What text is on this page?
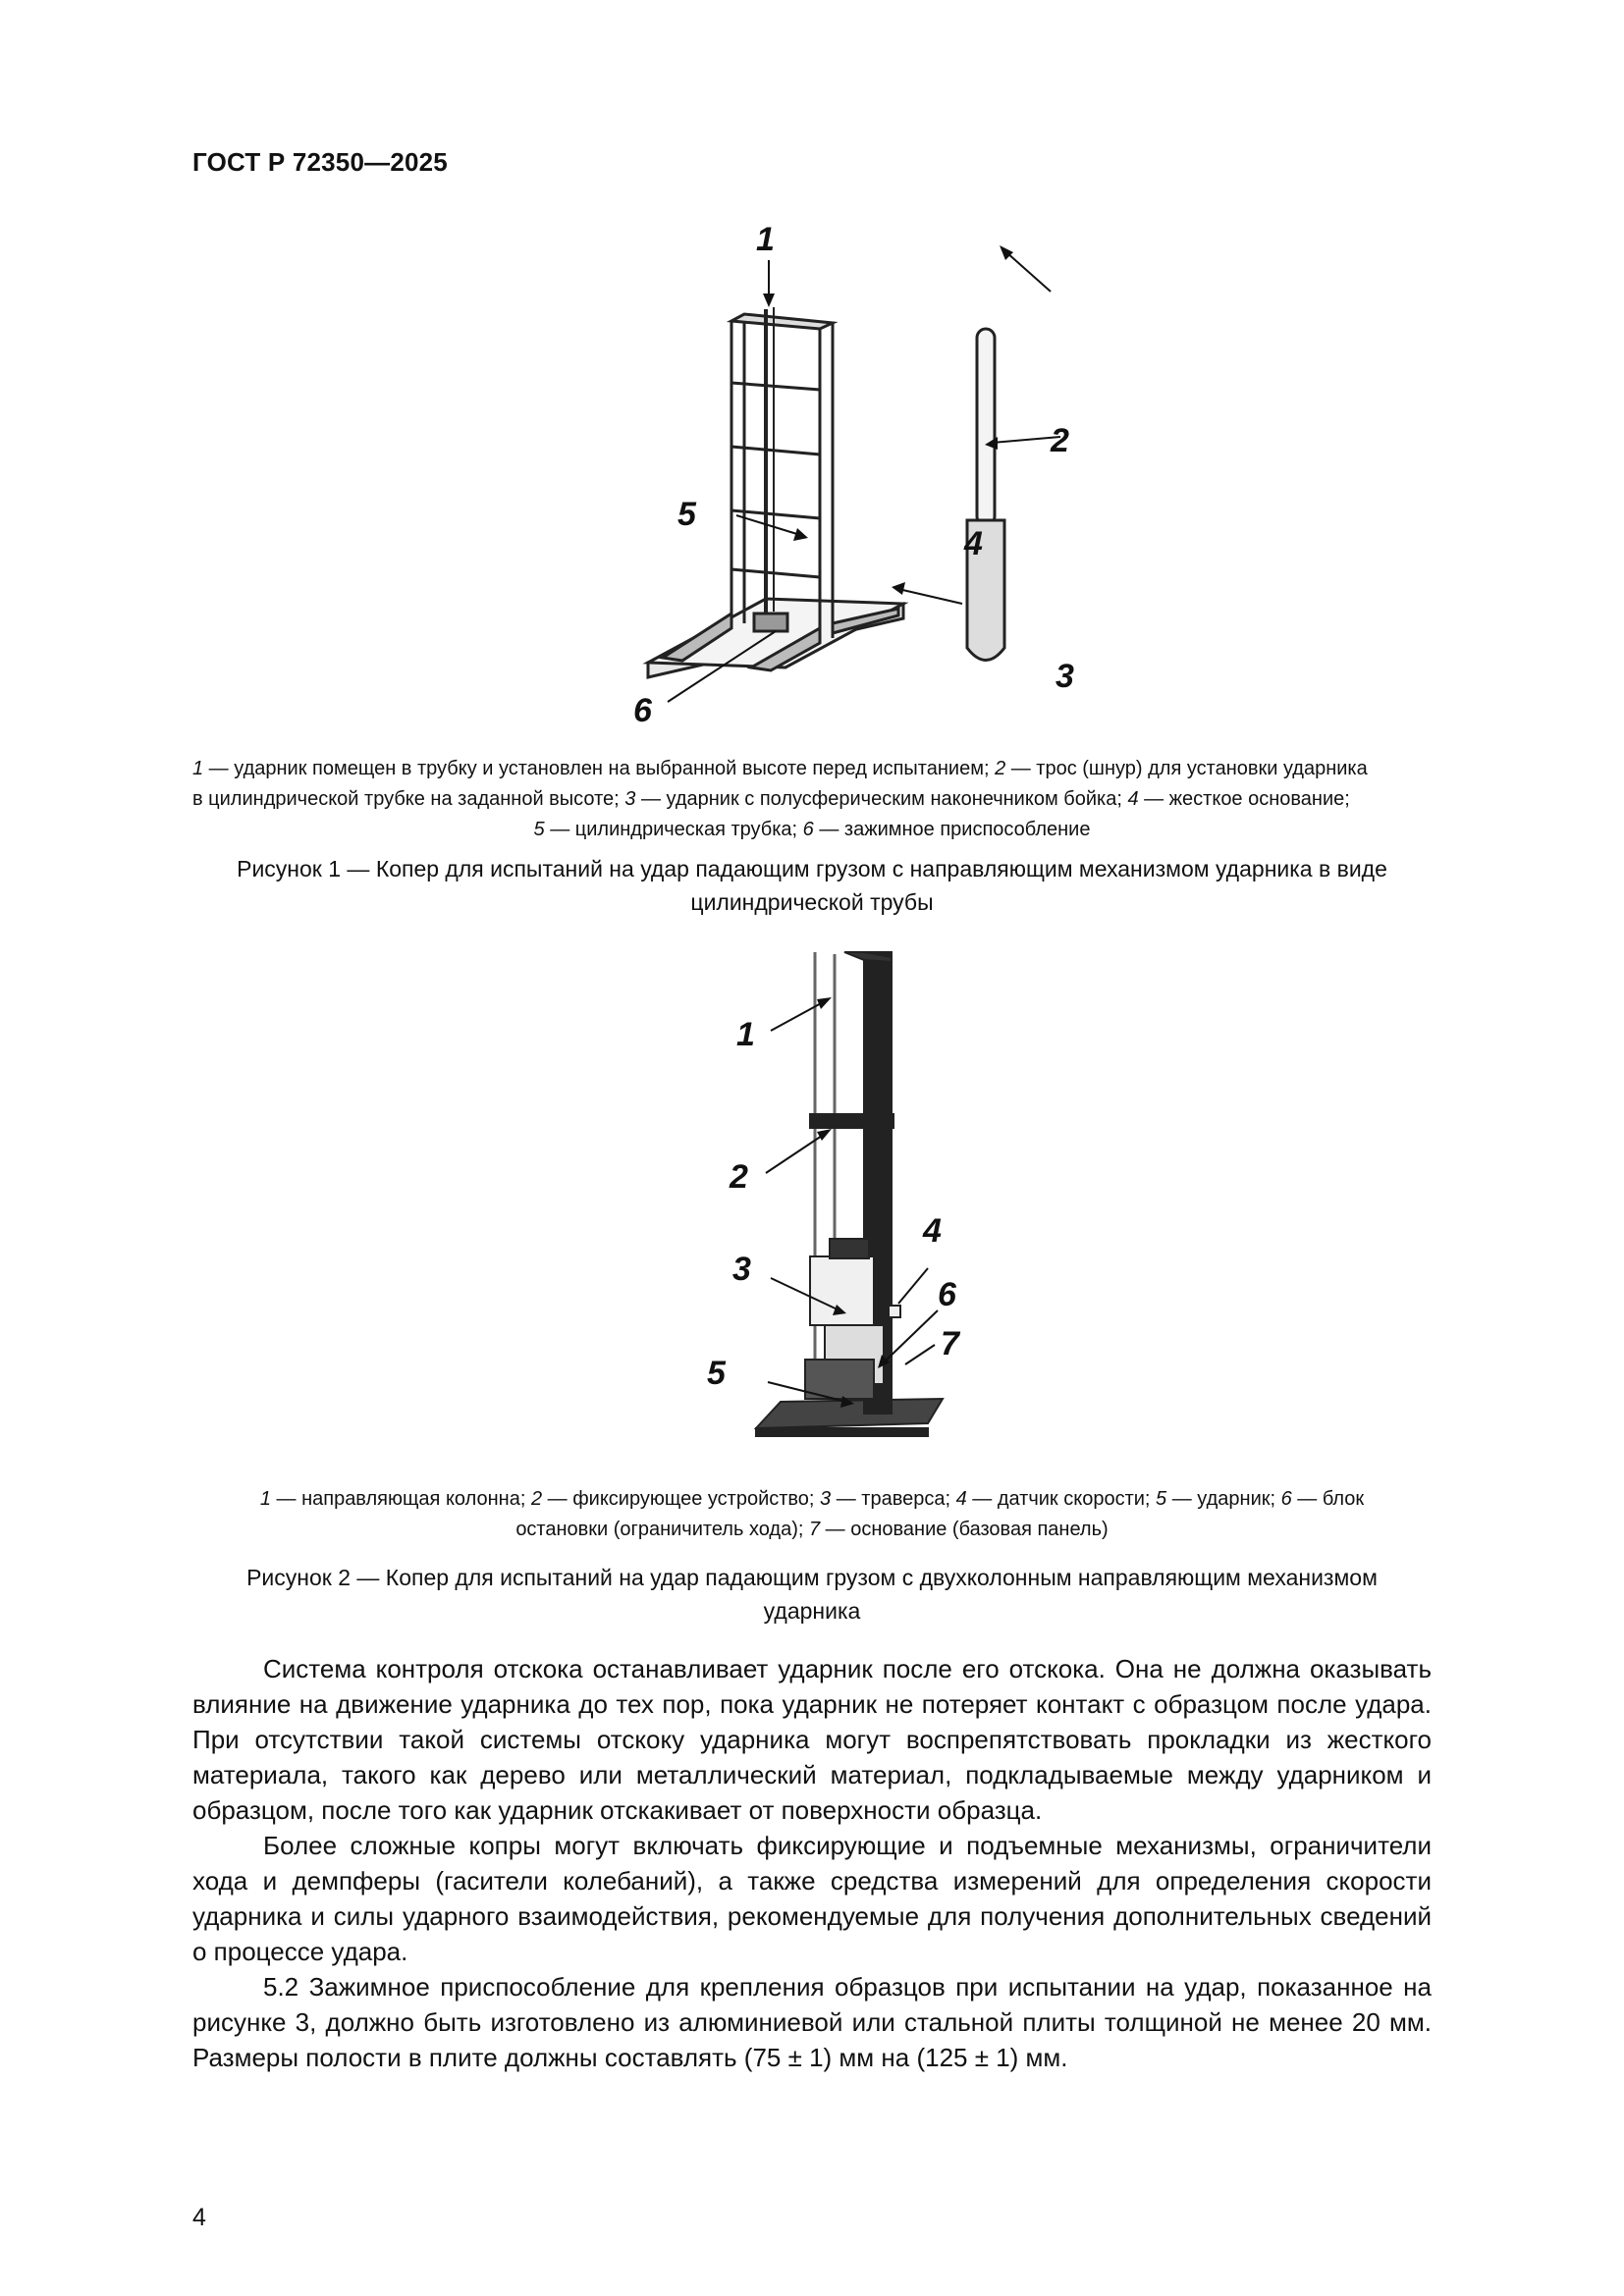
ГОСТ Р 72350—2025
1
2
3
4
5
6
1 — ударник помещен в трубку и установлен на выбранной высоте перед испытанием; 2 — трос (шнур) для установки ударника
в цилиндрической трубке на заданной высоте; 3 — ударник с полусферическим наконечником бойка; 4 — жесткое основание;
5 — цилиндрическая трубка; 6 — зажимное приспособление
Рисунок 1 — Копер для испытаний на удар падающим грузом с направляющим механизмом ударника в виде
цилиндрической трубы
1
2
3
4
5
6
7
1 — направляющая колонна; 2 — фиксирующее устройство; 3 — траверса; 4 — датчик скорости; 5 — ударник; 6 — блок
остановки (ограничитель хода); 7 — основание (базовая панель)
Рисунок 2 — Копер для испытаний на удар падающим грузом с двухколонным направляющим механизмом
ударника

Система контроля отскока останавливает ударник после его отскока. Она не должна оказывать влияние на движение ударника до тех пор, пока ударник не потеряет контакт с образцом после удара. При отсутствии такой системы отскоку ударника могут воспрепятствовать прокладки из жесткого материала, такого как дерево или металлический материал, подкладываемые между ударником и образцом, после того как ударник отскакивает от поверхности образца.

Более сложные копры могут включать фиксирующие и подъемные механизмы, ограничители хода и демпферы (гасители колебаний), а также средства измерений для определения скорости ударника и силы ударного взаимодействия, рекомендуемые для получения дополнительных сведений о процессе удара.

5.2 Зажимное приспособление для крепления образцов при испытании на удар, показанное на рисунке 3, должно быть изготовлено из алюминиевой или стальной плиты толщиной не менее 20 мм. Размеры полости в плите должны составлять (75 ± 1) мм на (125 ± 1) мм.

4
